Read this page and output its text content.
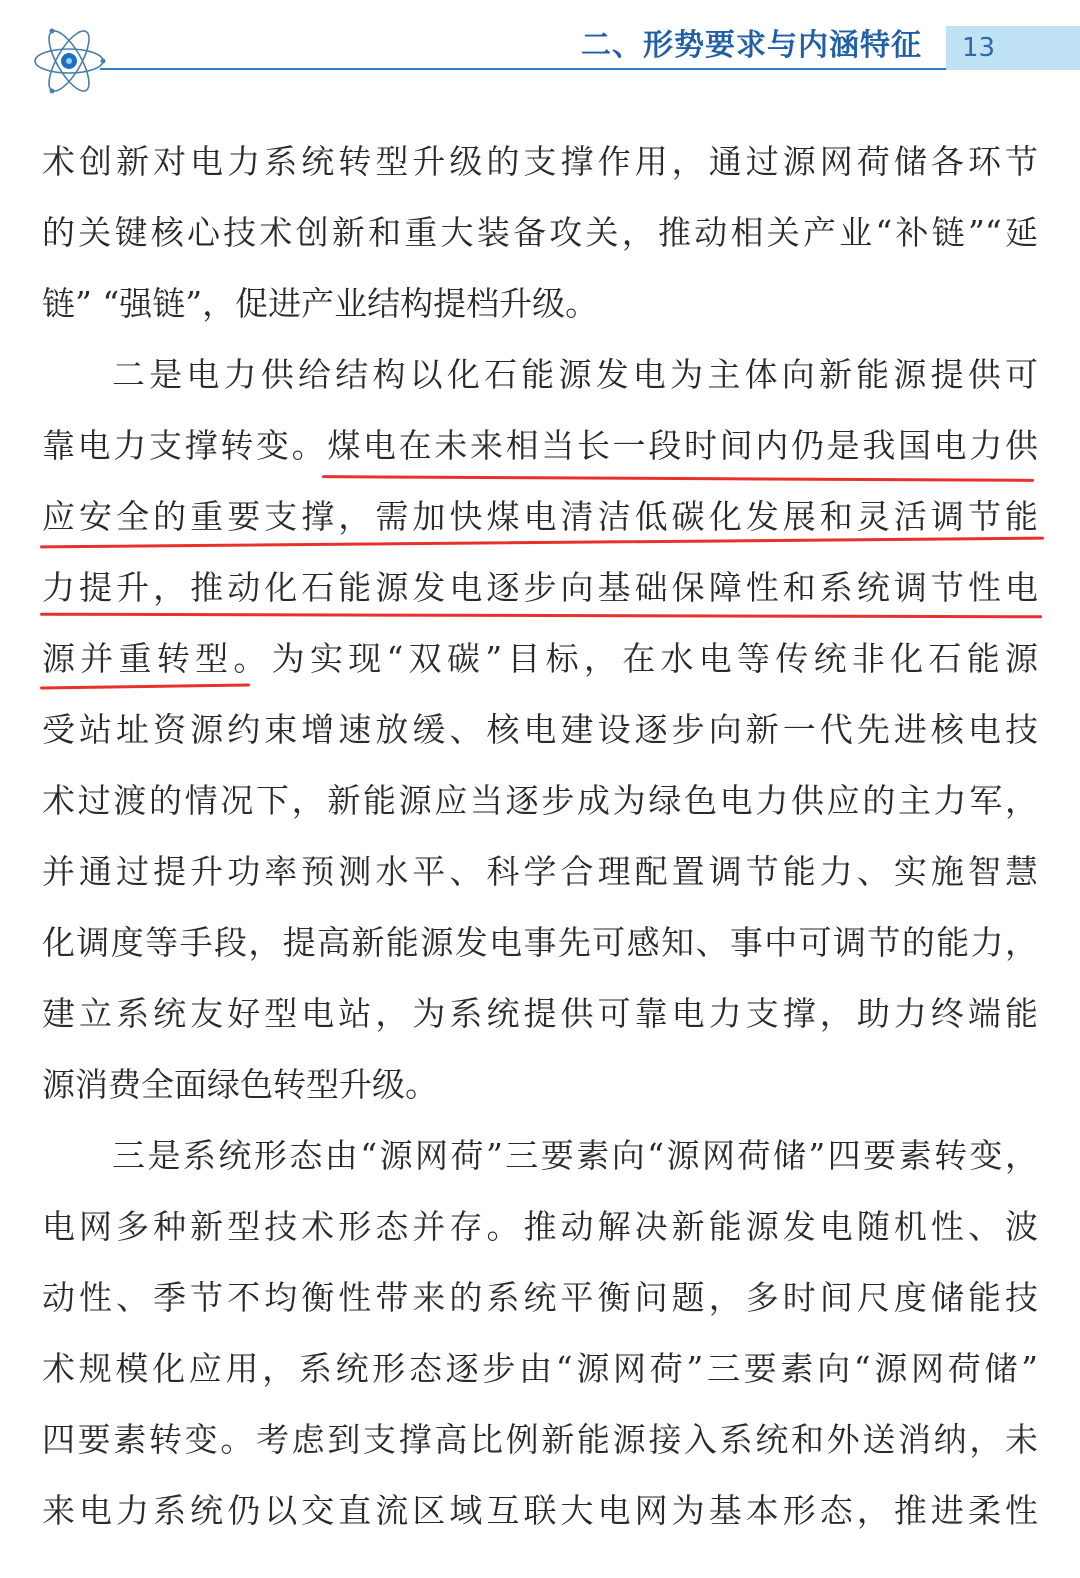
二、形势要求与内涵特征 13
术创新对电力系统转型升级的支撑作用，通过源网荷储各环节
的关键核心技术创新和重大装备攻关，推动相关产业“补链”“延
链” “强链”，促进产业结构提档升级。
二是电力供给结构以化石能源发电为主体向新能源提供可
靠电力支撑转变。煤电在未来相当长一段时间内仍是我国电力供
应安全的重要支撑，需加快煤电清洁低碳化发展和灵活调节能
力提升，推动化石能源发电逐步向基础保障性和系统调节性电
源并重转型。为实现“双碳”目标，在水电等传统非化石能源
受站址资源约束增速放缓、核电建设逐步向新一代先进核电技
术过渡的情况下，新能源应当逐步成为绿色电力供应的主力军，
并通过提升功率预测水平、科学合理配置调节能力、实施智慧
化调度等手段，提高新能源发电事先可感知、事中可调节的能力，
建立系统友好型电站，为系统提供可靠电力支撑，助力终端能
源消费全面绿色转型升级。
三是系统形态由“源网荷”三要素向“源网荷储”四要素转变，
电网多种新型技术形态并存。推动解决新能源发电随机性、波
动性、季节不均衡性带来的系统平衡问题，多时间尺度储能技
术规模化应用，系统形态逐步由“源网荷”三要素向“源网荷储”
四要素转变。考虑到支撑高比例新能源接入系统和外送消纳，未
来电力系统仍以交直流区域互联大电网为基本形态，推进柔性
